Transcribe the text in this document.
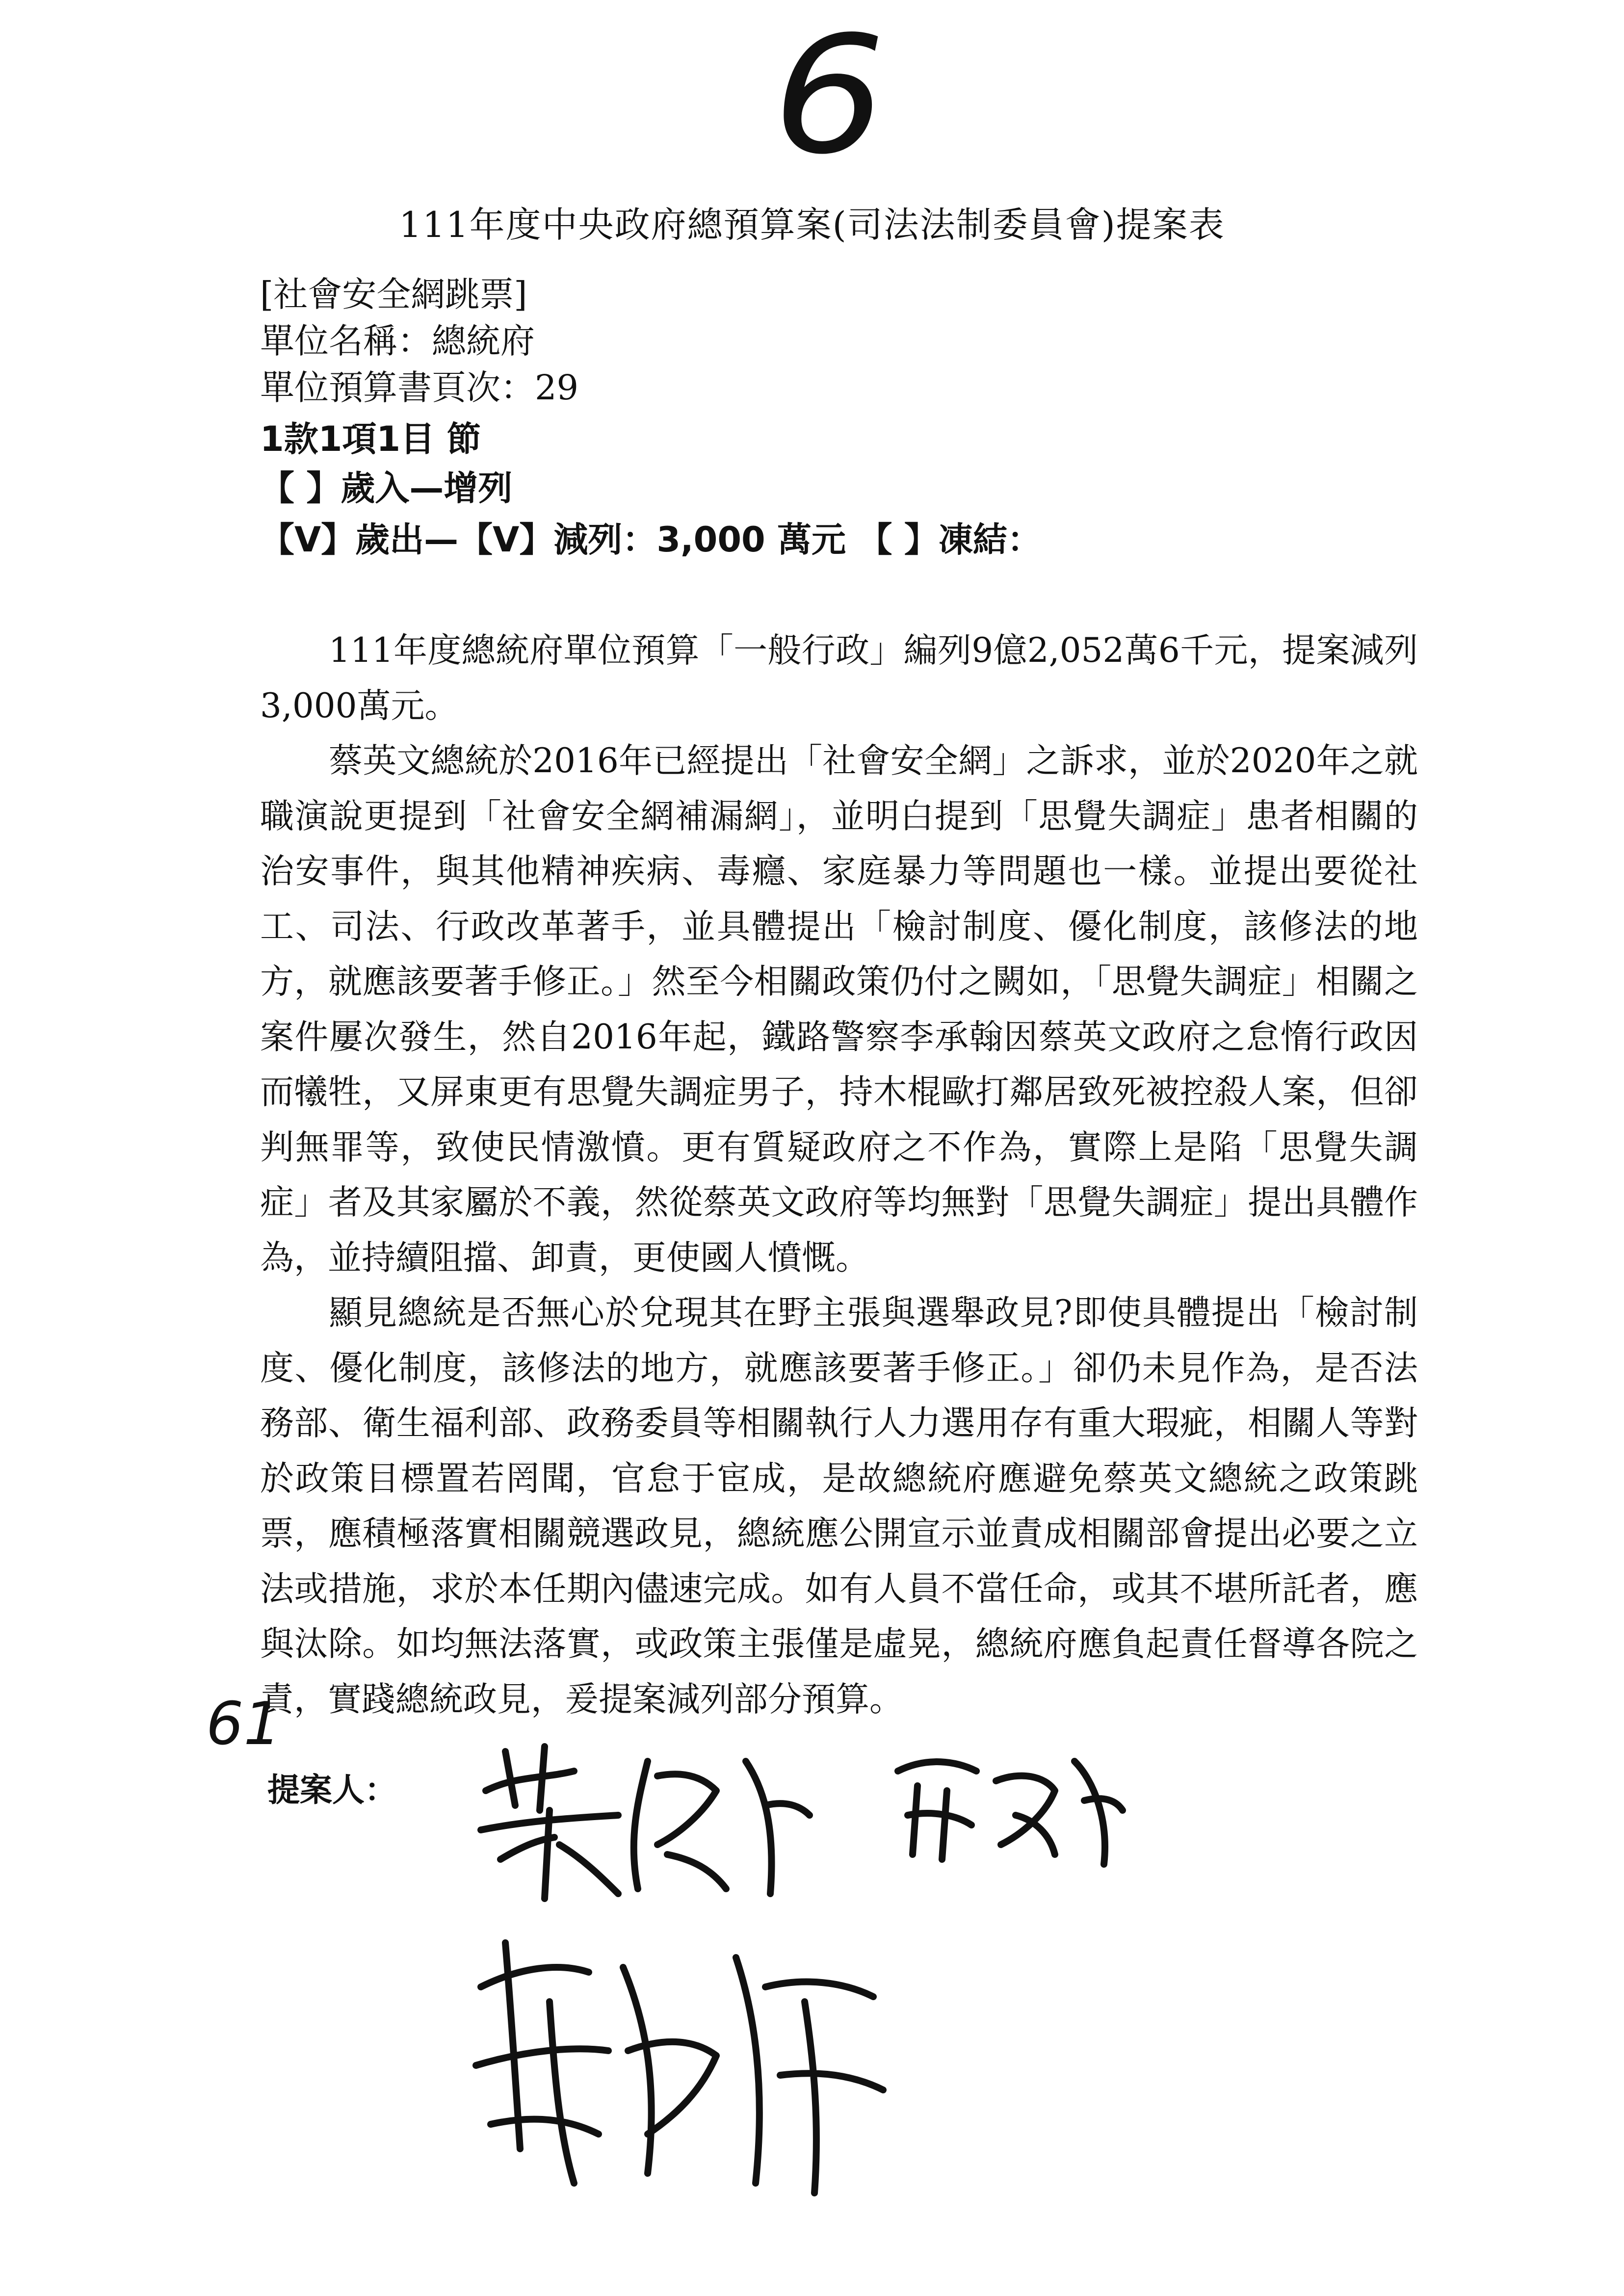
6
111年度中央政府總預算案(司法法制委員會)提案表
[社會安全網跳票]
單位名稱：總統府
單位預算書頁次：29
1款1項1目 節
【 】歲入—增列
【V】歲出—【V】減列：3,000 萬元 【 】凍結：

111年度總統府單位預算「一般行政」編列9億2,052萬6千元，提案減列3,000萬元。

蔡英文總統於2016年已經提出「社會安全網」之訴求，並於2020年之就職演說更提到「社會安全網補漏網」，並明白提到「思覺失調症」患者相關的治安事件，與其他精神疾病、毒癮、家庭暴力等問題也一樣。並提出要從社工、司法、行政改革著手，並具體提出「檢討制度、優化制度，該修法的地方，就應該要著手修正。」然至今相關政策仍付之闕如，「思覺失調症」相關之案件屢次發生，然自2016年起，鐵路警察李承翰因蔡英文政府之怠惰行政因而犧牲，又屏東更有思覺失調症男子，持木棍歐打鄰居致死被控殺人案，但卻判無罪等，致使民情激憤。更有質疑政府之不作為，實際上是陷「思覺失調症」者及其家屬於不義，然從蔡英文政府等均無對「思覺失調症」提出具體作為，並持續阻擋、卸責，更使國人憤慨。

顯見總統是否無心於兌現其在野主張與選舉政見?即使具體提出「檢討制度、優化制度，該修法的地方，就應該要著手修正。」卻仍未見作為，是否法務部、衛生福利部、政務委員等相關執行人力選用存有重大瑕疵，相關人等對於政策目標置若罔聞，官怠于宦成，是故總統府應避免蔡英文總統之政策跳票，應積極落實相關競選政見，總統應公開宣示並責成相關部會提出必要之立法或措施，求於本任期內儘速完成。如有人員不當任命，或其不堪所託者，應與汰除。如均無法落實，或政策主張僅是虛晃，總統府應負起責任督導各院之責，實踐總統政見，爰提案減列部分預算。

61
提案人：
